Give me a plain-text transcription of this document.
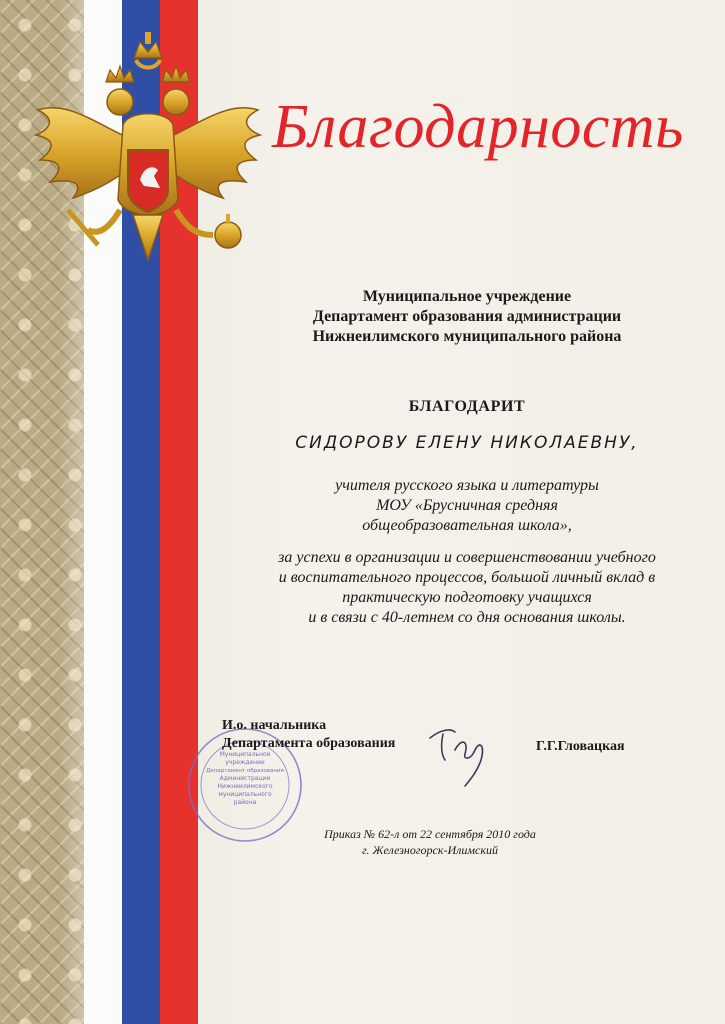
Благодарность
Муниципальное учреждение
Департамент образования администрации
Нижнеилимского муниципального района
БЛАГОДАРИТ
СИДОРОВУ ЕЛЕНУ НИКОЛАЕВНУ,
учителя русского языка и литературы
МОУ «Брусничная средняя
общеобразовательная школа»,
за успехи в организации и совершенствовании учебного
и воспитательного процессов, большой личный вклад в
практическую подготовку учащихся
и в связи с 40-летнем со дня основания школы.
Муниципальное
учреждение
Департамент образования
Администрации
Нижнеилимского
муниципального
района
И.о. начальника
Департамента образования	Г.Г.Гловацкая
Приказ № 62-л от 22 сентября 2010 года
г. Железногорск-Илимский
